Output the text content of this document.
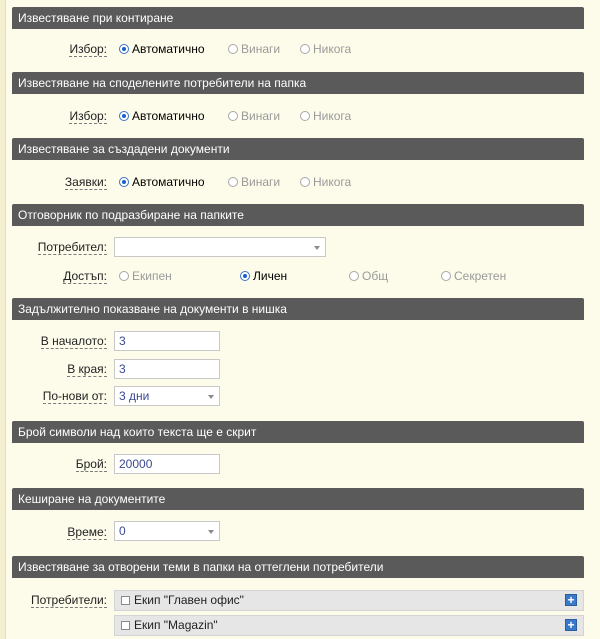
Известяване при контиране
Избор:	Автоматично	Винаги	Никога
Известяване на споделените потребители на папка
Избор:	Автоматично	Винаги	Никога
Известяване за създадени документи
Заявки:	Автоматично	Винаги	Никога
Отговорник по подразбиране на папките
Потребител:
Достъп:	Екипен	Личен	Общ	Секретен
Задължително показване на документи в нишка
В началото:	3
В края:	3
По-нови от:	3 дни
Брой символи над които текста ще е скрит
Брой:	20000
Кеширане на документите
Време:	0
Известяване за отворени теми в папки на оттеглени потребители
Потребители:	Екип "Главен офис"	+
Екип "Magazin"	+
